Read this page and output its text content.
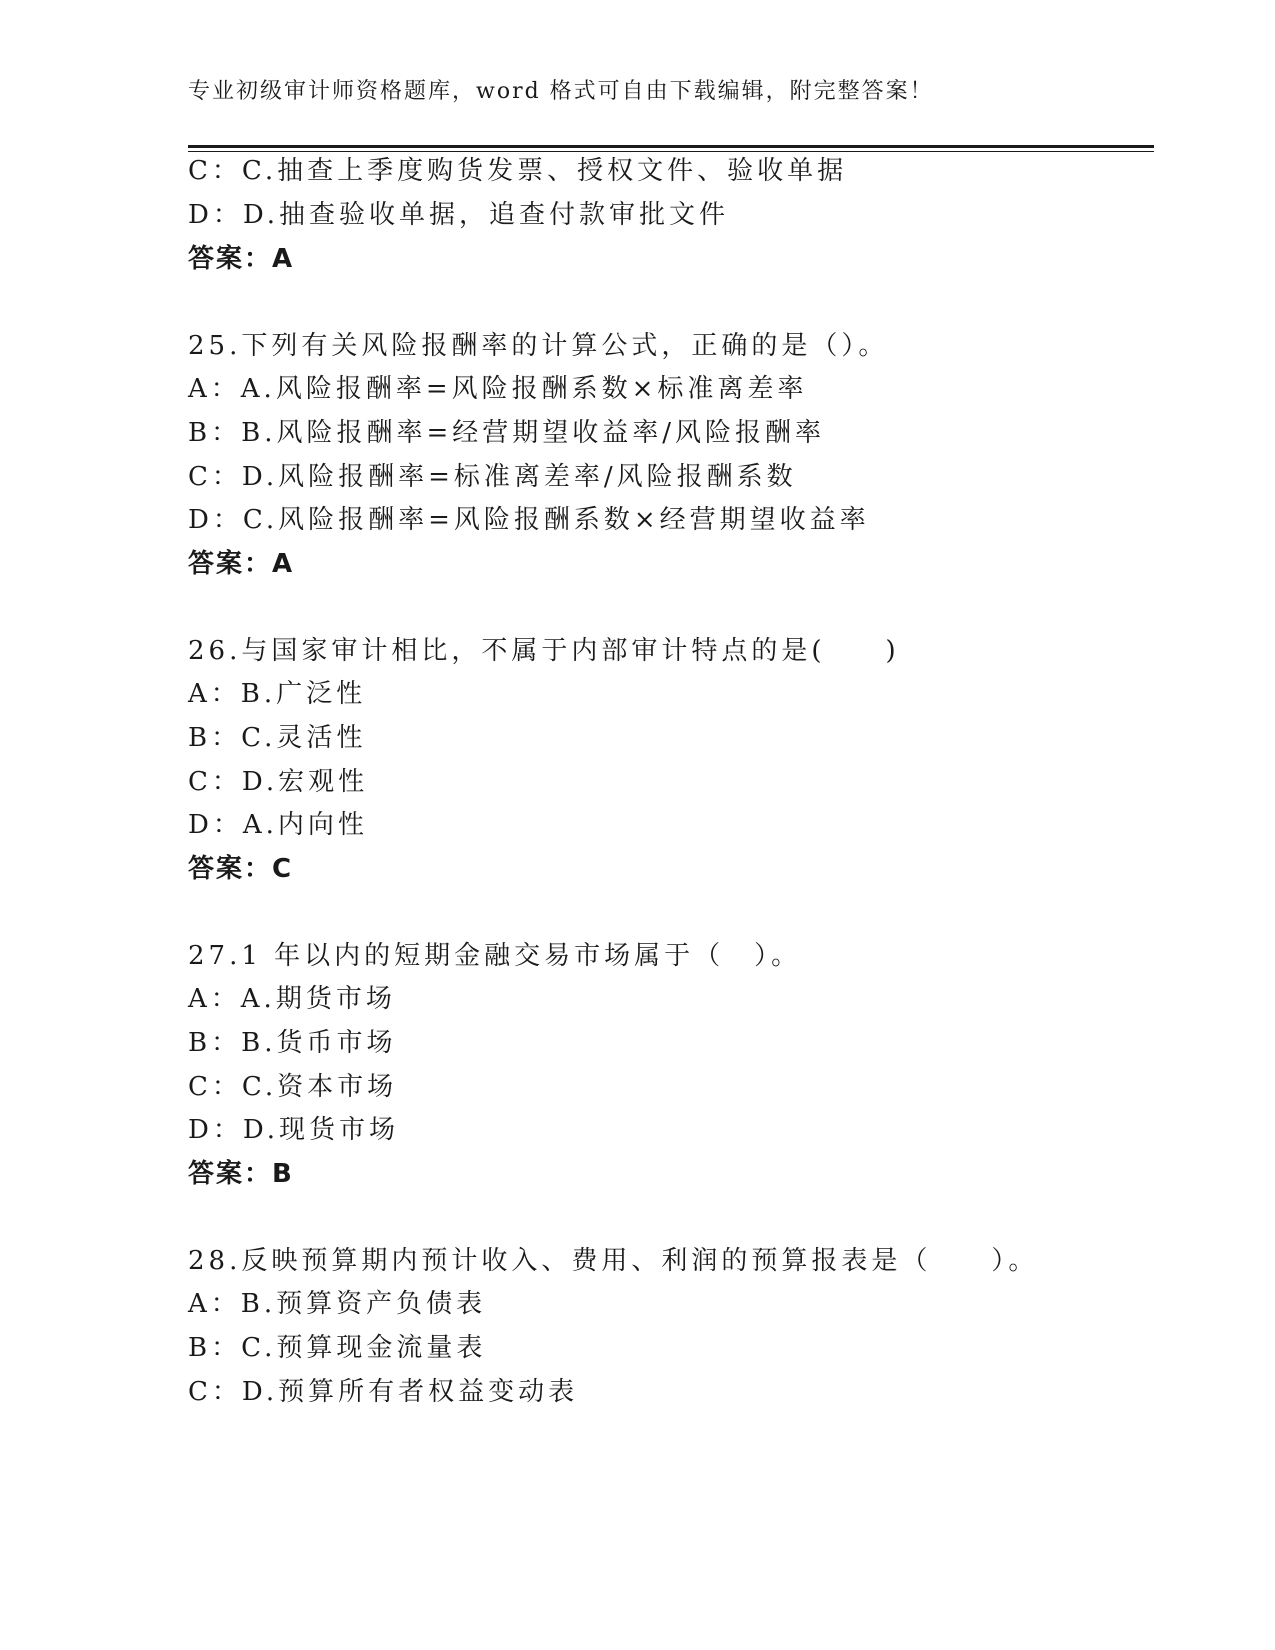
专业初级审计师资格题库，word 格式可自由下载编辑，附完整答案！
C：C.抽查上季度购货发票、授权文件、验收单据
D：D.抽查验收单据，追查付款审批文件
答案：A
25.下列有关风险报酬率的计算公式，正确的是（）。
A：A.风险报酬率=风险报酬系数×标准离差率
B：B.风险报酬率=经营期望收益率/风险报酬率
C：D.风险报酬率=标准离差率/风险报酬系数
D：C.风险报酬率=风险报酬系数×经营期望收益率
答案：A
26.与国家审计相比，不属于内部审计特点的是(　　)
A：B.广泛性
B：C.灵活性
C：D.宏观性
D：A.内向性
答案：C
27.1 年以内的短期金融交易市场属于（　）。
A：A.期货市场
B：B.货币市场
C：C.资本市场
D：D.现货市场
答案：B
28.反映预算期内预计收入、费用、利润的预算报表是（　　）。
A：B.预算资产负债表
B：C.预算现金流量表
C：D.预算所有者权益变动表
